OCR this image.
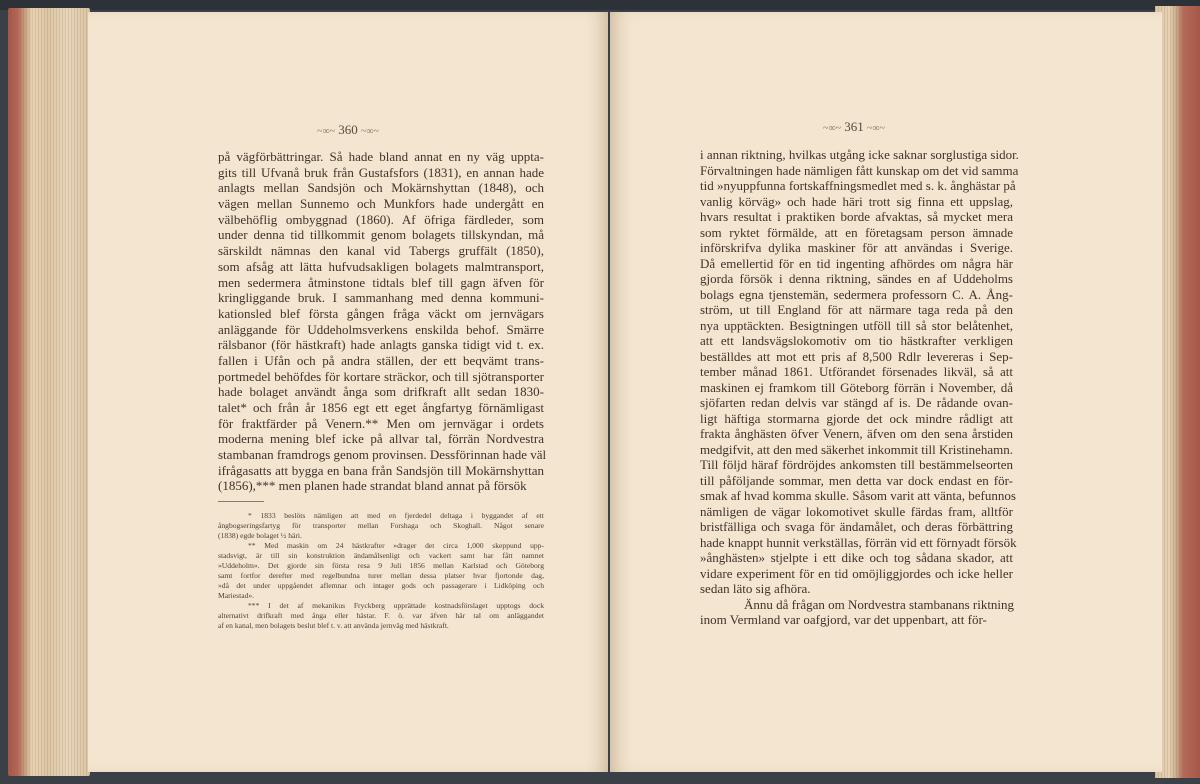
~∞~ 360 ~∞~
på vägförbättringar. Så hade bland annat en ny väg uppta-
gits till Ufvanå bruk från Gustafsfors (1831), en annan hade
anlagts mellan Sandsjön och Mokärnshyttan (1848), och
vägen mellan Sunnemo och Munkfors hade undergått en
välbehöflig ombyggnad (1860). Af öfriga färdleder, som
under denna tid tillkommit genom bolagets tillskyndan, må
särskildt nämnas den kanal vid Tabergs gruffält (1850),
som afsåg att lätta hufvudsakligen bolagets malmtransport,
men sedermera åtminstone tidtals blef till gagn äfven för
kringliggande bruk. I sammanhang med denna kommuni-
kationsled blef första gången fråga väckt om jernvägars
anläggande för Uddeholmsverkens enskilda behof. Smärre
rälsbanor (för hästkraft) hade anlagts ganska tidigt vid t. ex.
fallen i Ufån och på andra ställen, der ett beqvämt trans-
portmedel behöfdes för kortare sträckor, och till sjötransporter
hade bolaget användt ånga som drifkraft allt sedan 1830-
talet* och från år 1856 egt ett eget ångfartyg förnämligast
för fraktfärder på Venern.** Men om jernvägar i ordets
moderna mening blef icke på allvar tal, förrän Nordvestra
stambanan framdrogs genom provinsen. Dessförinnan hade väl
ifrågasatts att bygga en bana från Sandsjön till Mokärnshyttan
(1856),*** men planen hade strandat bland annat på försök
* 1833 beslöts nämligen att med en fjerdedel deltaga i byggandet af ett
ångbogseringsfartyg för transporter mellan Forshaga och Skoghall. Något senare
(1838) egde bolaget ½ häri.
** Med maskin om 24 hästkrafter »drager det circa 1,000 skeppund upp-
stadsvigt, är till sin konstruktion ändamålsenligt och vackert samt har fått namnet
»Uddeholm». Det gjorde sin första resa 9 Juli 1856 mellan Karlstad och Göteborg
samt fortfor derefter med regelbundna turer mellan dessa platser hvar fjortonde dag,
»då det under uppgåendet aflemnar och intager gods och passagerare i Lidköping och
Mariestad».
*** I det af mekanikus Fryckberg upprättade kostnadsförslaget upptogs dock
alternativt drifkraft med ånga eller hästar. F. ö. var äfven här tal om anläggandet
af en kanal, men bolagets beslut blef t. v. att använda jernväg med hästkraft.
~∞~ 361 ~∞~
i annan riktning, hvilkas utgång icke saknar sorglustiga sidor.
Förvaltningen hade nämligen fått kunskap om det vid samma
tid »nyuppfunna fortskaffningsmedlet med s. k. ånghästar på
vanlig körväg» och hade häri trott sig finna ett uppslag,
hvars resultat i praktiken borde afvaktas, så mycket mera
som ryktet förmälde, att en företagsam person ämnade
införskrifva dylika maskiner för att användas i Sverige.
Då emellertid för en tid ingenting afhördes om några här
gjorda försök i denna riktning, sändes en af Uddeholms
bolags egna tjenstemän, sedermera professorn C. A. Ång-
ström, ut till England för att närmare taga reda på den
nya upptäckten. Besigtningen utföll till så stor belåtenhet,
att ett landsvägslokomotiv om tio hästkrafter verkligen
beställdes att mot ett pris af 8,500 Rdlr levereras i Sep-
tember månad 1861. Utförandet försenades likväl, så att
maskinen ej framkom till Göteborg förrän i November, då
sjöfarten redan delvis var stängd af is. De rådande ovan-
ligt häftiga stormarna gjorde det ock mindre rådligt att
frakta ånghästen öfver Venern, äfven om den sena årstiden
medgifvit, att den med säkerhet inkommit till Kristinehamn.
Till följd häraf fördröjdes ankomsten till bestämmelseorten
till påföljande sommar, men detta var dock endast en för-
smak af hvad komma skulle. Såsom varit att vänta, befunnos
nämligen de vägar lokomotivet skulle färdas fram, alltför
bristfälliga och svaga för ändamålet, och deras förbättring
hade knappt hunnit verkställas, förrän vid ett förnyadt försök
»ånghästen» stjelpte i ett dike och tog sådana skador, att
vidare experiment för en tid omöjliggjordes och icke heller
sedan läto sig afhöra.
Ännu då frågan om Nordvestra stambanans riktning
inom Vermland var oafgjord, var det uppenbart, att för-
